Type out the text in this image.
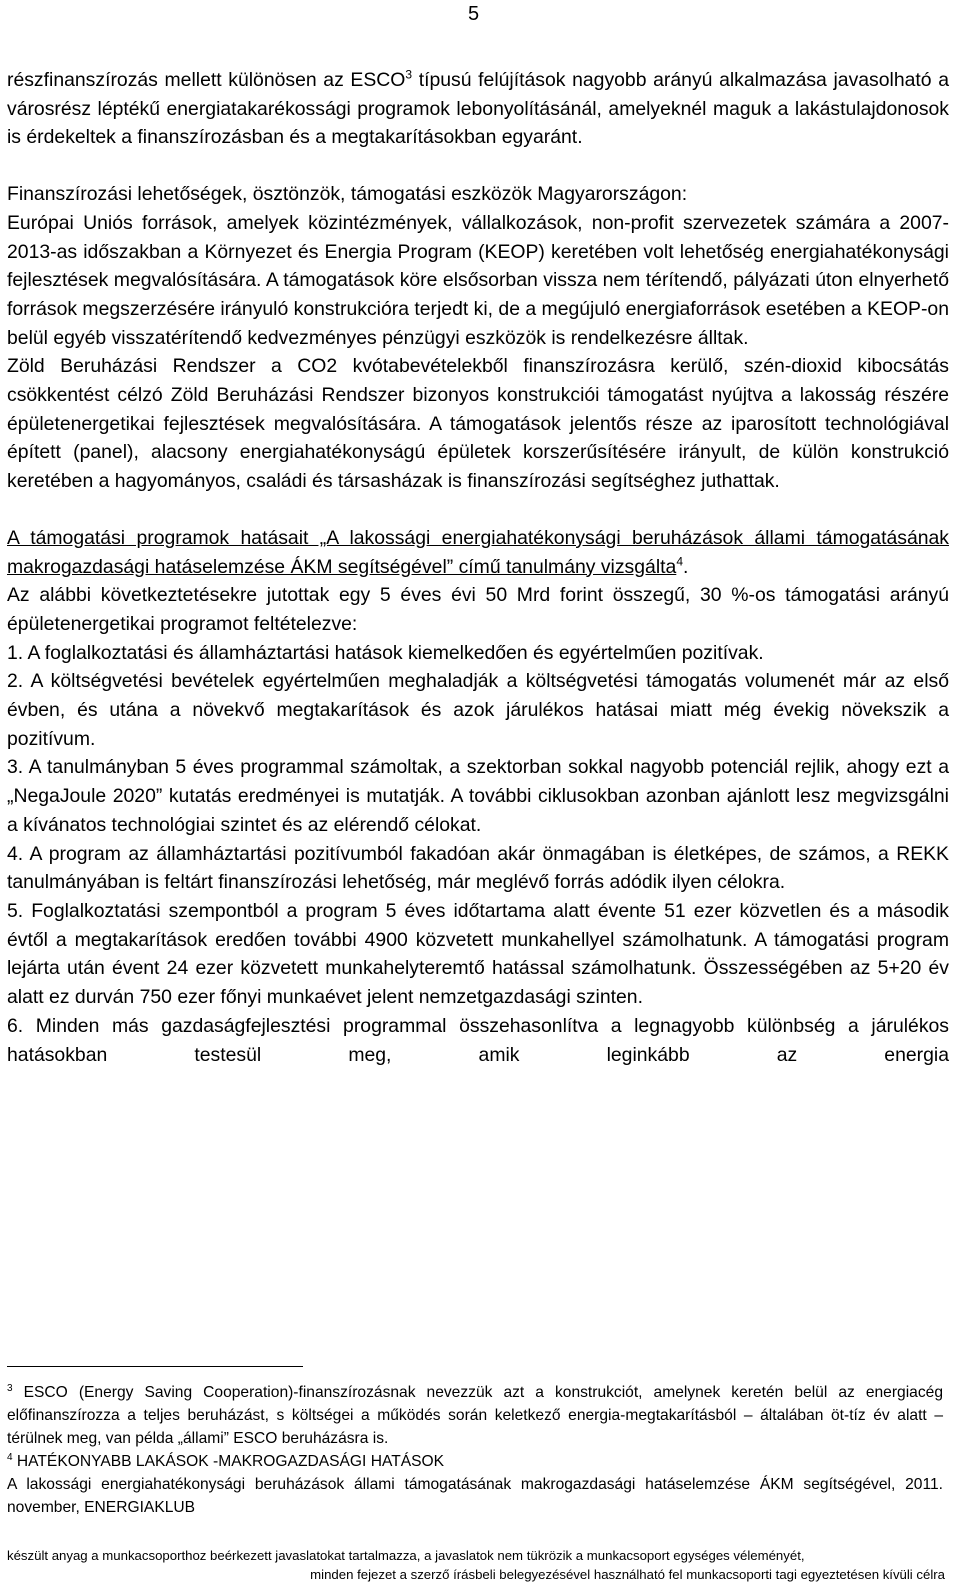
5

részfinanszírozás mellett különösen az ESCO$^3$ típusú felújítások nagyobb arányú alkalmazása javasolható a városrész léptékű energiatakarékossági programok lebonyolításánál, amelyeknél maguk a lakástulajdonosok is érdekeltek a finanszírozásban és a megtakarításokban egyaránt.

Finanszírozási lehetőségek, ösztönzök, támogatási eszközök Magyarországon:

Európai Uniós források, amelyek közintézmények, vállalkozások, non-profit szervezetek számára a 2007-2013-as időszakban a Környezet és Energia Program (KEOP) keretében volt lehetőség energiahatékonysági fejlesztések megvalósítására. A támogatások köre elsősorban vissza nem térítendő, pályázati úton elnyerhető források megszerzésére irányuló konstrukcióra terjedt ki, de a megújuló energiaforrások esetében a KEOP-on belül egyéb visszatérítendő kedvezményes pénzügyi eszközök is rendelkezésre álltak.

Zöld Beruházási Rendszer a CO2 kvótabevételekből finanszírozásra kerülő, szén-dioxid kibocsátás csökkentést célzó Zöld Beruházási Rendszer bizonyos konstrukciói támogatást nyújtva a lakosság részére épületenergetikai fejlesztések megvalósítására. A támogatások jelentős része az iparosított technológiával épített (panel), alacsony energiahatékonyságú épületek korszerűsítésére irányult, de külön konstrukció keretében a hagyományos, családi és társasházak is finanszírozási segítséghez juthattak.

A támogatási programok hatásait „A lakossági energiahatékonysági beruházások állami támogatásának makrogazdasági hatáselemzése ÁKM segítségével” című tanulmány vizsgálta$^4$.

Az alábbi következtetésekre jutottak egy 5 éves évi 50 Mrd forint összegű, 30 %-os támogatási arányú épületenergetikai programot feltételezve:

1. A foglalkoztatási és államháztartási hatások kiemelkedően és egyértelműen pozitívak.

2. A költségvetési bevételek egyértelműen meghaladják a költségvetési támogatás volumenét már az első évben, és utána a növekvő megtakarítások és azok járulékos hatásai miatt még évekig növekszik a pozitívum.

3. A tanulmányban 5 éves programmal számoltak, a szektorban sokkal nagyobb potenciál rejlik, ahogy ezt a „NegaJoule 2020” kutatás eredményei is mutatják. A további ciklusokban azonban ajánlott lesz megvizsgálni a kívánatos technológiai szintet és az elérendő célokat.

4. A program az államháztartási pozitívumból fakadóan akár önmagában is életképes, de számos, a REKK tanulmányában is feltárt finanszírozási lehetőség, már meglévő forrás adódik ilyen célokra.

5. Foglalkoztatási szempontból a program 5 éves időtartama alatt évente 51 ezer közvetlen és a második évtől a megtakarítások eredően további 4900 közvetett munkahellyel számolhatunk. A támogatási program lejárta után évent 24 ezer közvetett munkahelyteremtő hatással számolhatunk. Összességében az 5+20 év alatt ez durván 750 ezer főnyi munkaévet jelent nemzetgazdasági szinten.

6. Minden más gazdaságfejlesztési programmal összehasonlítva a legnagyobb különbség a járulékos hatásokban testesül meg, amik leginkább az energia

$^3$ ESCO (Energy Saving Cooperation)-finanszírozásnak nevezzük azt a konstrukciót, amelynek keretén belül az energiacég előfinanszírozza a teljes beruházást, s költségei a működés során keletkező energia-megtakarításból – általában öt-tíz év alatt – térülnek meg, van példa „állami” ESCO beruházásra is.

$^4$ HATÉKONYABB LAKÁSOK -MAKROGAZDASÁGI HATÁSOK

A lakossági energiahatékonysági beruházások állami támogatásának makrogazdasági hatáselemzése ÁKM segítségével, 2011. november, ENERGIAKLUB

készült anyag a munkacsoporthoz beérkezett javaslatokat tartalmazza, a javaslatok nem tükrözik a munkacsoport egységes véleményét,
minden fejezet a szerző írásbeli belegyezésével használható fel munkacsoporti tagi egyeztetésen kívüli célra
